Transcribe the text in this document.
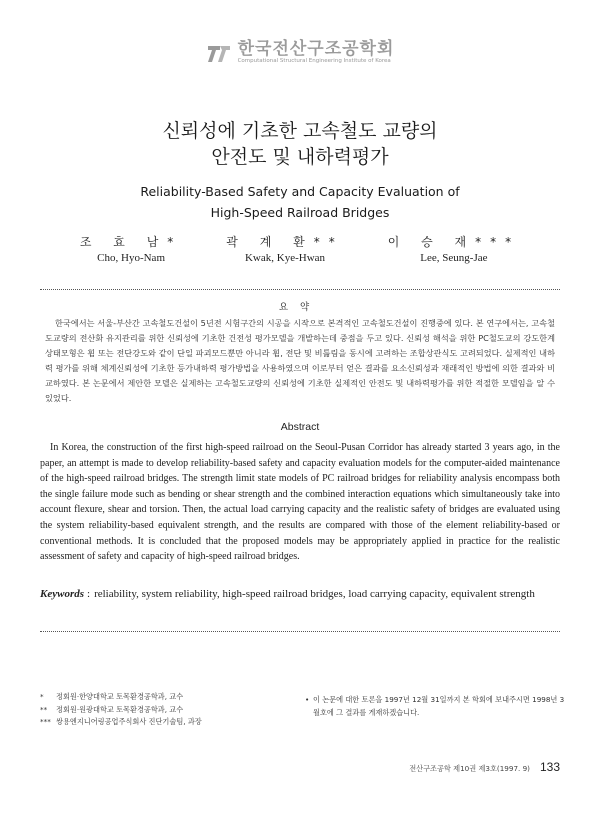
한국전산구조공학회
Computational Structural Engineering Institute of Korea
신뢰성에 기초한 고속철도 교량의
안전도 및 내하력평가
Reliability-Based Safety and Capacity Evaluation of
High-Speed Railroad Bridges
조 효 남*
Cho, Hyo-Nam
곽 계 환**
Kwak, Kye-Hwan
이 승 재***
Lee, Seung-Jae
요약

한국에서는 서울-부산간 고속철도건설이 5년전 시험구간의 시공을 시작으로 본격적인 고속철도건설이 진행중에 있다. 본 연구에서는, 고속철도교량의 전산화 유지관리를 위한 신뢰성에 기초한 건전성 평가모델을 개발하는데 중점을 두고 있다. 신뢰성 해석을 위한 PC철도교의 강도한계상태모형은 휨 또는 전단강도와 같이 단일 파괴모드뿐만 아니라 휨, 전단 및 비틂림을 동시에 고려하는 조합상관식도 고려되었다. 실제적인 내하력 평가를 위해 체계신뢰성에 기초한 등가내하력 평가방법을 사용하였으며 이로부터 얻은 결과를 요소신뢰성과 재래적인 방법에 의한 결과와 비교하였다. 본 논문에서 제안한 모델은 실제하는 고속철도교량의 신뢰성에 기초한 실제적인 안전도 및 내하력평가를 위한 적절한 모델임을 알 수 있었다.

Abstract

In Korea, the construction of the first high-speed railroad on the Seoul-Pusan Corridor has already started 3 years ago, in the paper, an attempt is made to develop reliability-based safety and capacity evaluation models for the computer-aided maintenance of the high-speed railroad bridges. The strength limit state models of PC railroad bridges for reliability analysis encompass both the single failure mode such as bending or shear strength and the combined interaction equations which simultaneously take into account flexure, shear and torsion. Then, the actual load carrying capacity and the realistic safety of bridges are evaluated using the system reliability-based equivalent strength, and the results are compared with those of the element reliability-based or conventional methods. It is concluded that the proposed models may be appropriately applied in practice for the realistic assessment of safety and capacity of high-speed railroad bridges.

Keywords : reliability, system reliability, high-speed railroad bridges, load carrying capacity, equivalent strength
*	정회원·한양대학교 토목환경공학과, 교수
**	정회원·원광대학교 토목환경공학과, 교수
*** 쌍용엔지니어링공업주식회사 진단기술팀, 과장
• 이 논문에 대한 토론을 1997년 12월 31일까지 본 학회에 보내주시면 1998년 3월호에 그 결과를 게재하겠습니다.
전산구조공학 제10권 제3호(1997. 9) 133
